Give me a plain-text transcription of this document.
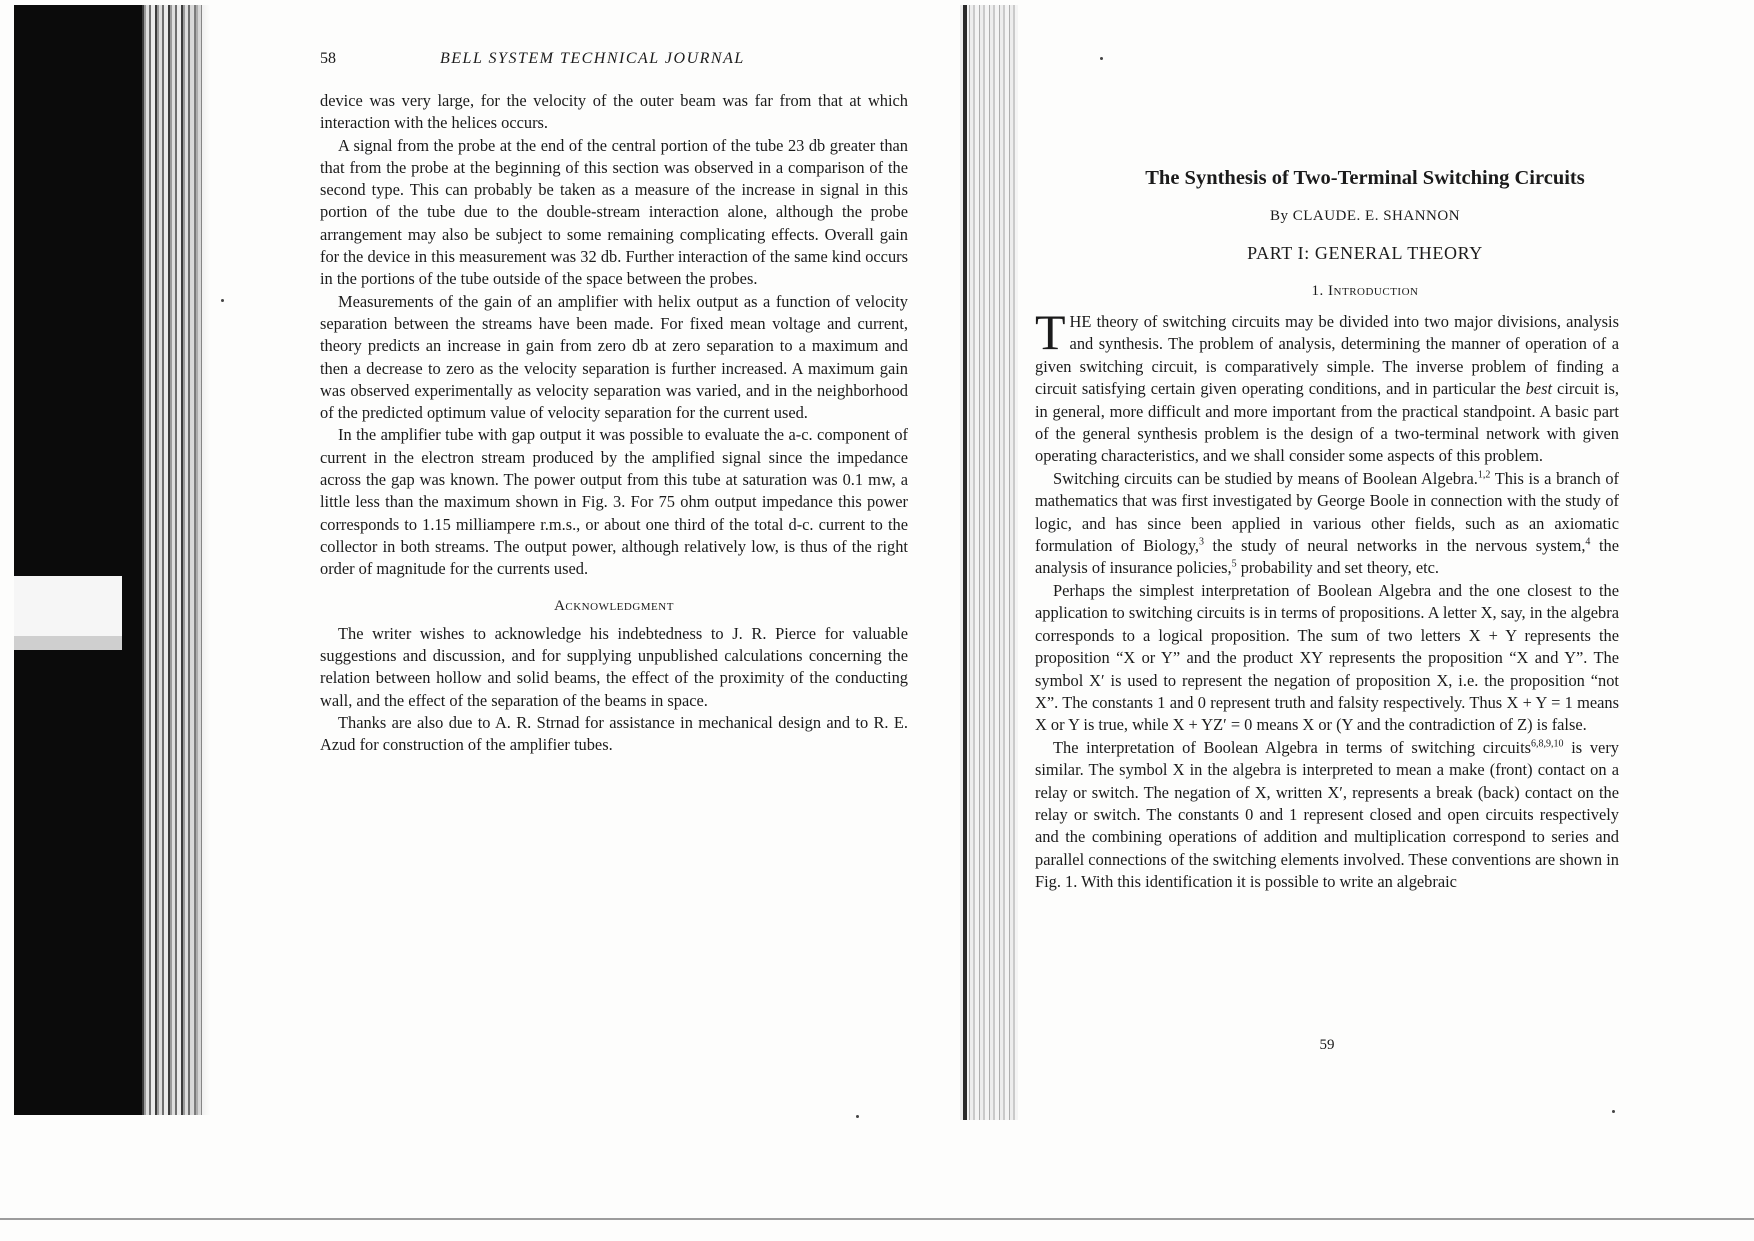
58	BELL SYSTEM TECHNICAL JOURNAL

device was very large, for the velocity of the outer beam was far from that at which interaction with the helices occurs.

A signal from the probe at the end of the central portion of the tube 23 db greater than that from the probe at the beginning of this section was observed in a comparison of the second type. This can probably be taken as a measure of the increase in signal in this portion of the tube due to the double-stream interaction alone, although the probe arrangement may also be subject to some remaining complicating effects. Overall gain for the device in this measurement was 32 db. Further interaction of the same kind occurs in the portions of the tube outside of the space between the probes.

Measurements of the gain of an amplifier with helix output as a function of velocity separation between the streams have been made. For fixed mean voltage and current, theory predicts an increase in gain from zero db at zero separation to a maximum and then a decrease to zero as the velocity separation is further increased. A maximum gain was observed experimentally as velocity separation was varied, and in the neighborhood of the predicted optimum value of velocity separation for the current used.

In the amplifier tube with gap output it was possible to evaluate the a-c. component of current in the electron stream produced by the amplified signal since the impedance across the gap was known. The power output from this tube at saturation was 0.1 mw, a little less than the maximum shown in Fig. 3. For 75 ohm output impedance this power corresponds to 1.15 milliampere r.m.s., or about one third of the total d-c. current to the collector in both streams. The output power, although relatively low, is thus of the right order of magnitude for the currents used.

Acknowledgment

The writer wishes to acknowledge his indebtedness to J. R. Pierce for valuable suggestions and discussion, and for supplying unpublished calculations concerning the relation between hollow and solid beams, the effect of the proximity of the conducting wall, and the effect of the separation of the beams in space.

Thanks are also due to A. R. Strnad for assistance in mechanical design and to R. E. Azud for construction of the amplifier tubes.

The Synthesis of Two-Terminal Switching Circuits
By CLAUDE. E. SHANNON
PART I: GENERAL THEORY
1. Introduction

THE theory of switching circuits may be divided into two major divisions, analysis and synthesis. The problem of analysis, determining the manner of operation of a given switching circuit, is comparatively simple. The inverse problem of finding a circuit satisfying certain given operating conditions, and in particular the best circuit is, in general, more difficult and more important from the practical standpoint. A basic part of the general synthesis problem is the design of a two-terminal network with given operating characteristics, and we shall consider some aspects of this problem.

Switching circuits can be studied by means of Boolean Algebra.$^{1,2}$ This is a branch of mathematics that was first investigated by George Boole in connection with the study of logic, and has since been applied in various other fields, such as an axiomatic formulation of Biology,$^3$ the study of neural networks in the nervous system,$^4$ the analysis of insurance policies,$^5$ probability and set theory, etc.

Perhaps the simplest interpretation of Boolean Algebra and the one closest to the application to switching circuits is in terms of propositions. A letter X, say, in the algebra corresponds to a logical proposition. The sum of two letters X + Y represents the proposition “X or Y” and the product XY represents the proposition “X and Y”. The symbol X′ is used to represent the negation of proposition X, i.e. the proposition “not X”. The constants 1 and 0 represent truth and falsity respectively. Thus X + Y = 1 means X or Y is true, while X + YZ′ = 0 means X or (Y and the contradiction of Z) is false.

The interpretation of Boolean Algebra in terms of switching circuits$^{6,8,9,10}$ is very similar. The symbol X in the algebra is interpreted to mean a make (front) contact on a relay or switch. The negation of X, written X′, represents a break (back) contact on the relay or switch. The constants 0 and 1 represent closed and open circuits respectively and the combining operations of addition and multiplication correspond to series and parallel connections of the switching elements involved. These conventions are shown in Fig. 1. With this identification it is possible to write an algebraic

59
